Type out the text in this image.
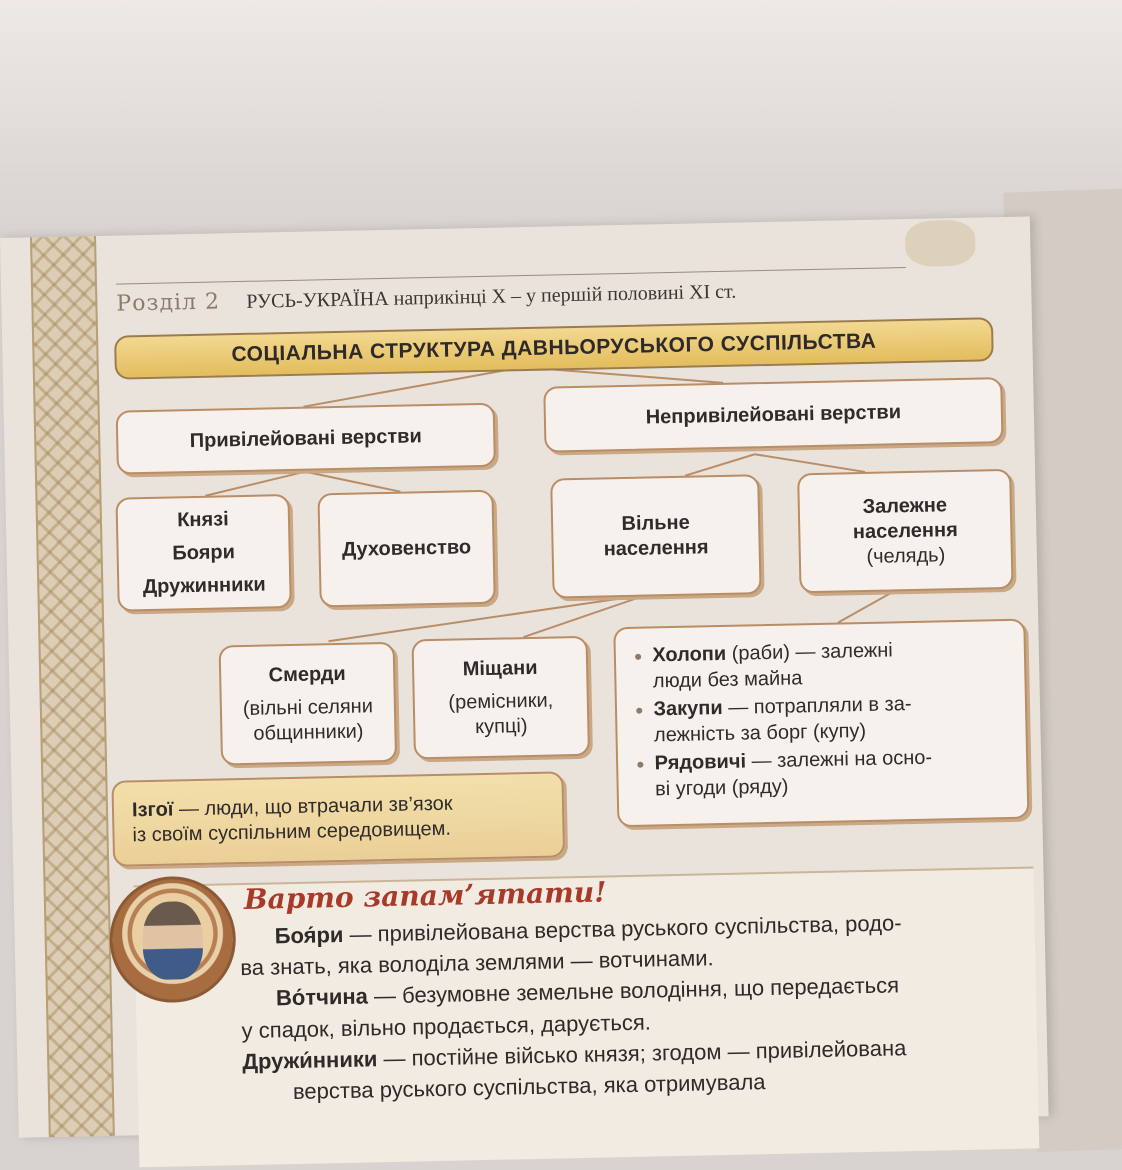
Розділ 2 РУСЬ-УКРАЇНА наприкінці X – у першій половині XI ст.
СОЦІАЛЬНА СТРУКТУРА ДАВНЬОРУСЬКОГО СУСПІЛЬСТВА
Привілейовані верстви
Непривілейовані верстви
Князі
Бояри
Дружинники
Духовенство
Вільне
населення
Залежне
населення
(челядь)
Смерди
(вільні селяни
общинники)
Міщани
(ремісники,
купці)
● Холопи (раби) — залежні
люди без майна
● Закупи — потрапляли в за-
лежність за борг (купу)
● Рядовичі — залежні на осно-
ві угоди (ряду)
Ізгої — люди, що втрачали зв’язок
із своїм суспільним середовищем.
Варто запам’ятати!

Боя́ри — привілейована верства руського суспільства, родо-
ва знать, яка володіла землями — вотчинами.

Во́тчина — безумовне земельне володіння, що передається
у спадок, вільно продається, дарується.

Дружи́нники — постійне військо князя; згодом — привілейована
верства руського суспільства, яка отримувала
